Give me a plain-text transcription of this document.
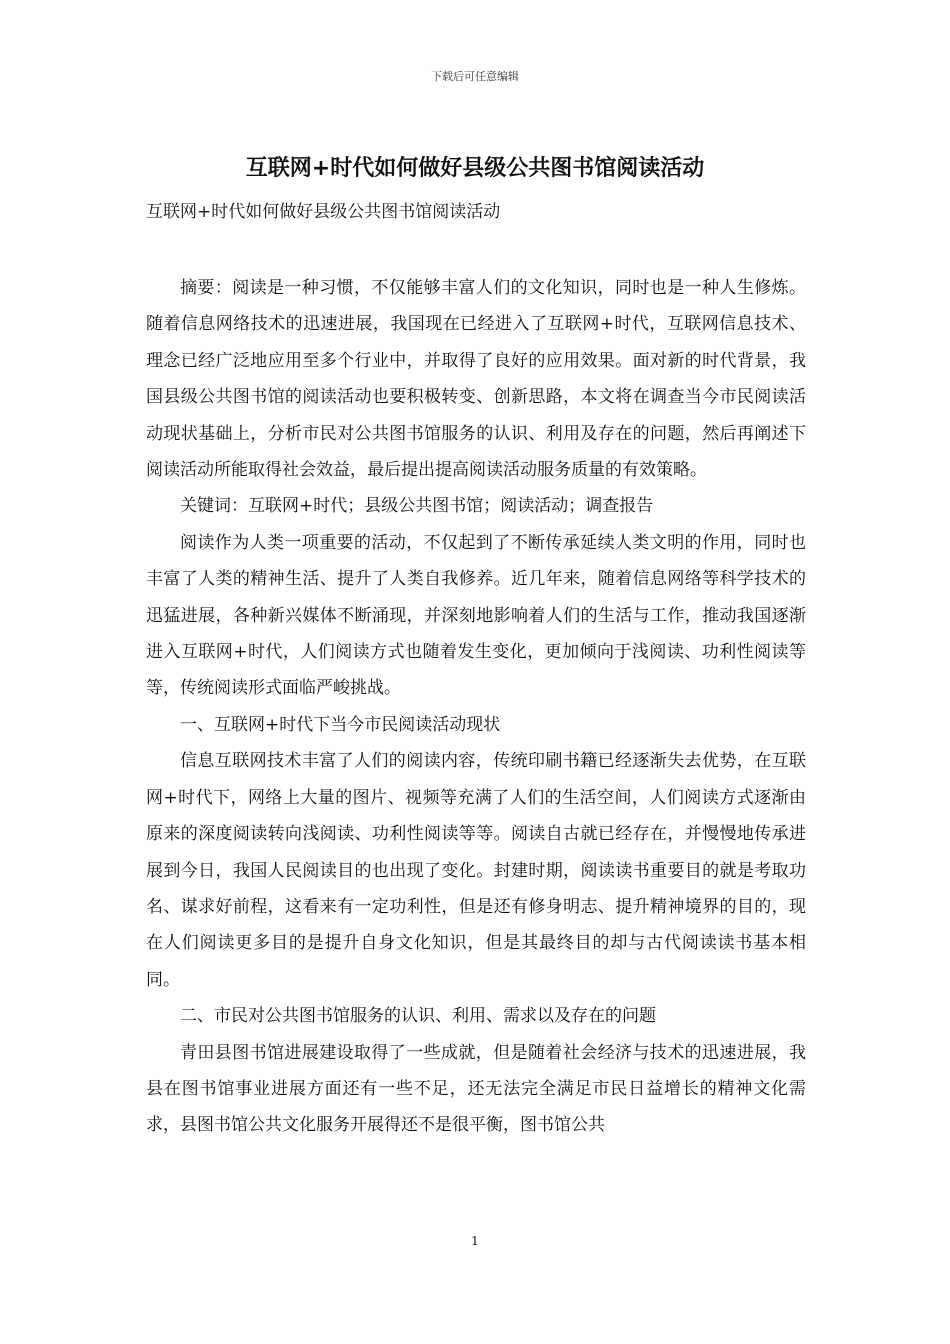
下载后可任意编辑
互联网+时代如何做好县级公共图书馆阅读活动
互联网+时代如何做好县级公共图书馆阅读活动

摘要：阅读是一种习惯，不仅能够丰富人们的文化知识，同时也是一种人生修炼。随着信息网络技术的迅速进展，我国现在已经进入了互联网+时代，互联网信息技术、理念已经广泛地应用至多个行业中，并取得了良好的应用效果。面对新的时代背景，我国县级公共图书馆的阅读活动也要积极转变、创新思路，本文将在调查当今市民阅读活动现状基础上，分析市民对公共图书馆服务的认识、利用及存在的问题，然后再阐述下阅读活动所能取得社会效益，最后提出提高阅读活动服务质量的有效策略。

关键词：互联网+时代；县级公共图书馆；阅读活动；调查报告

阅读作为人类一项重要的活动，不仅起到了不断传承延续人类文明的作用，同时也丰富了人类的精神生活、提升了人类自我修养。近几年来，随着信息网络等科学技术的迅猛进展，各种新兴媒体不断涌现，并深刻地影响着人们的生活与工作，推动我国逐渐进入互联网+时代，人们阅读方式也随着发生变化，更加倾向于浅阅读、功利性阅读等等，传统阅读形式面临严峻挑战。

一、互联网+时代下当今市民阅读活动现状

信息互联网技术丰富了人们的阅读内容，传统印刷书籍已经逐渐失去优势，在互联网+时代下，网络上大量的图片、视频等充满了人们的生活空间，人们阅读方式逐渐由原来的深度阅读转向浅阅读、功利性阅读等等。阅读自古就已经存在，并慢慢地传承进展到今日，我国人民阅读目的也出现了变化。封建时期，阅读读书重要目的就是考取功名、谋求好前程，这看来有一定功利性，但是还有修身明志、提升精神境界的目的，现在人们阅读更多目的是提升自身文化知识，但是其最终目的却与古代阅读读书基本相同。

二、市民对公共图书馆服务的认识、利用、需求以及存在的问题

青田县图书馆进展建设取得了一些成就，但是随着社会经济与技术的迅速进展，我县在图书馆事业进展方面还有一些不足，还无法完全满足市民日益增长的精神文化需求，县图书馆公共文化服务开展得还不是很平衡，图书馆公共

1
